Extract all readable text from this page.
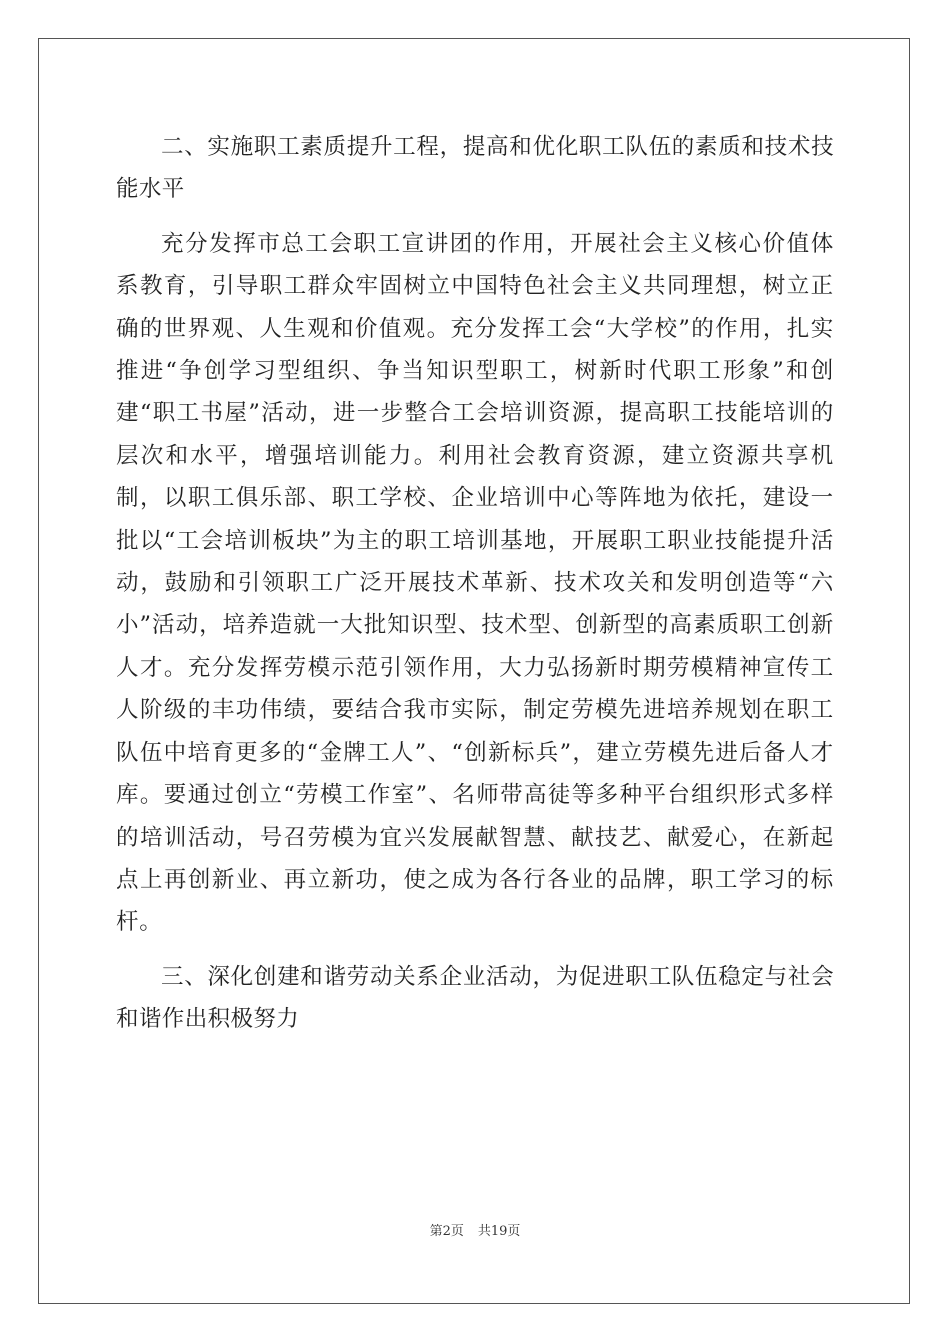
二、实施职工素质提升工程，提高和优化职工队伍的素质和技术技能水平

充分发挥市总工会职工宣讲团的作用，开展社会主义核心价值体系教育，引导职工群众牢固树立中国特色社会主义共同理想，树立正确的世界观、人生观和价值观。充分发挥工会“大学校”的作用，扎实推进“争创学习型组织、争当知识型职工，树新时代职工形象”和创建“职工书屋”活动，进一步整合工会培训资源，提高职工技能培训的层次和水平，增强培训能力。利用社会教育资源，建立资源共享机制，以职工俱乐部、职工学校、企业培训中心等阵地为依托，建设一批以“工会培训板块”为主的职工培训基地，开展职工职业技能提升活动，鼓励和引领职工广泛开展技术革新、技术攻关和发明创造等“六小”活动，培养造就一大批知识型、技术型、创新型的高素质职工创新人才。充分发挥劳模示范引领作用，大力弘扬新时期劳模精神宣传工人阶级的丰功伟绩，要结合我市实际，制定劳模先进培养规划在职工队伍中培育更多的“金牌工人”、“创新标兵”，建立劳模先进后备人才库。要通过创立“劳模工作室”、名师带高徒等多种平台组织形式多样的培训活动，号召劳模为宜兴发展献智慧、献技艺、献爱心，在新起点上再创新业、再立新功，使之成为各行各业的品牌，职工学习的标杆。

三、深化创建和谐劳动关系企业活动，为促进职工队伍稳定与社会和谐作出积极努力

第2页 共19页
